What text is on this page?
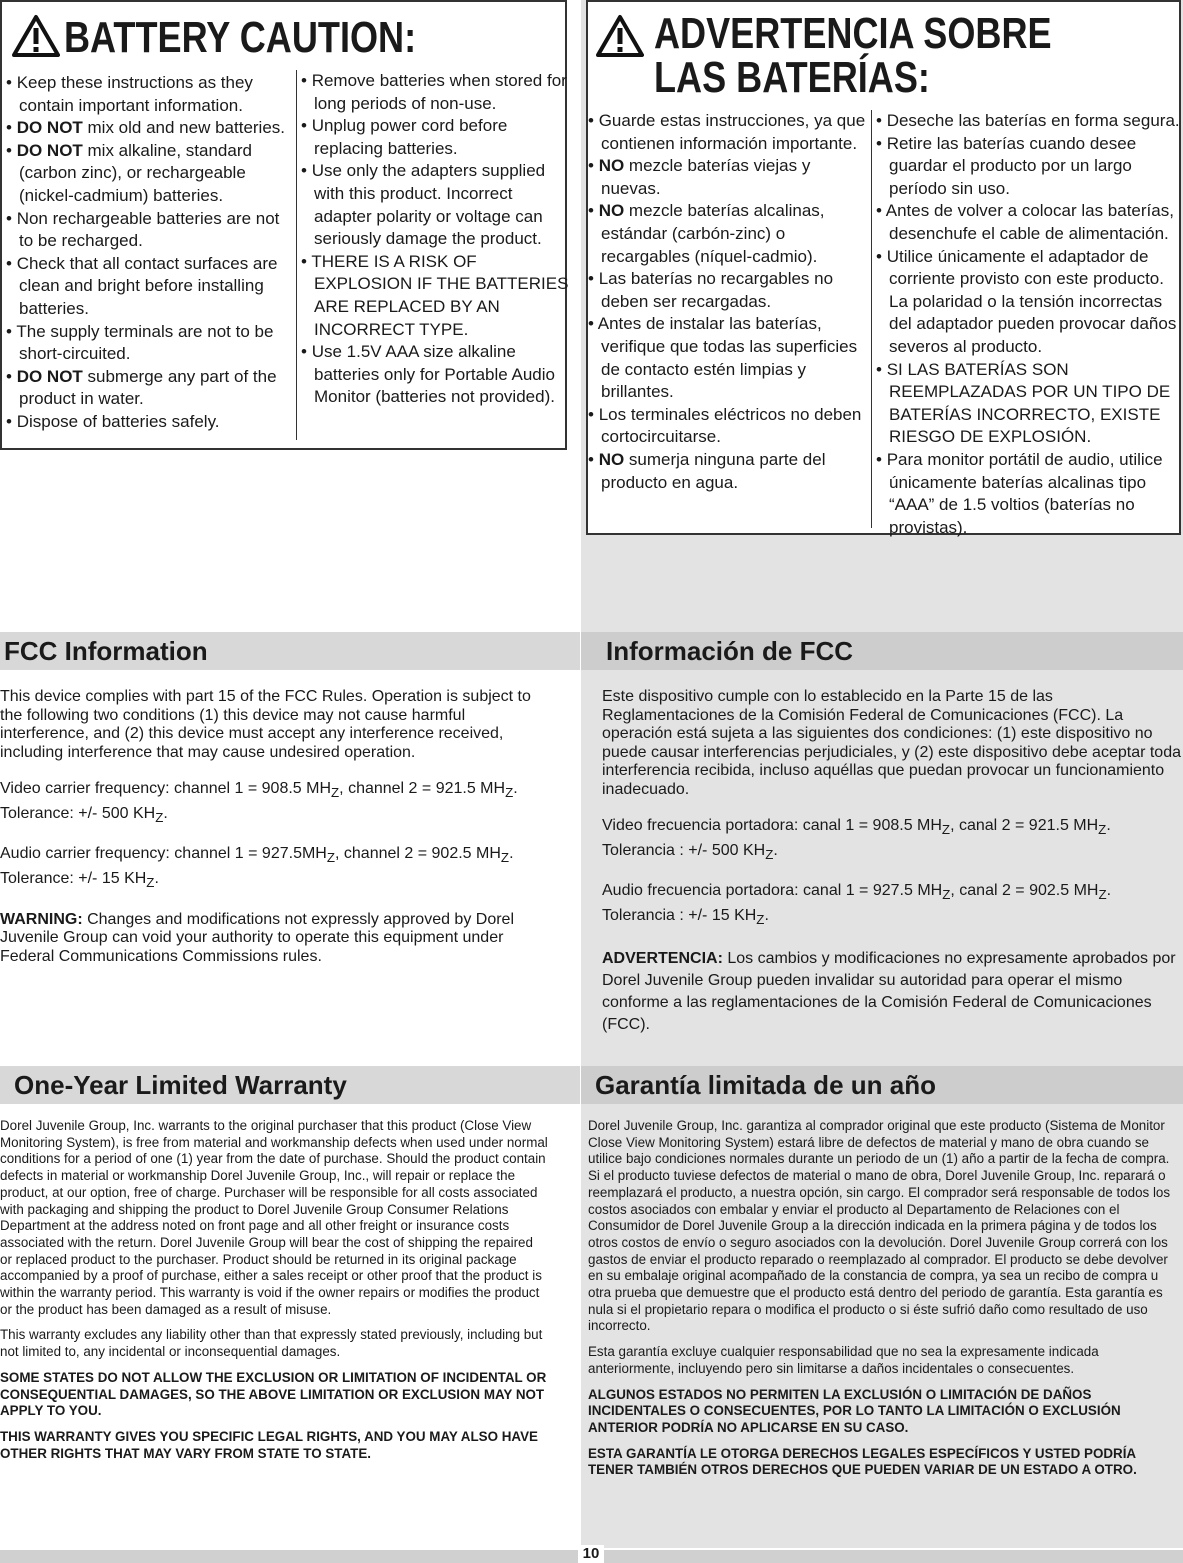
BATTERY CAUTION:
• Keep these instructions as they contain important information.
• DO NOT mix old and new batteries.
• DO NOT mix alkaline, standard (carbon zinc), or rechargeable (nickel-cadmium) batteries.
• Non rechargeable batteries are not to be recharged.
• Check that all contact surfaces are clean and bright before installing batteries.
• The supply terminals are not to be short-circuited.
• DO NOT submerge any part of the product in water.
• Dispose of batteries safely.
• Remove batteries when stored for long periods of non-use.
• Unplug power cord before replacing batteries.
• Use only the adapters supplied with this product. Incorrect adapter polarity or voltage can seriously damage the product.
• THERE IS A RISK OF EXPLOSION IF THE BATTERIES ARE REPLACED BY AN INCORRECT TYPE.
• Use 1.5V AAA size alkaline batteries only for Portable Audio Monitor (batteries not provided).
ADVERTENCIA SOBRE
LAS BATERÍAS:
• Guarde estas instrucciones, ya que contienen información importante.
• NO mezcle baterías viejas y nuevas.
• NO mezcle baterías alcalinas, estándar (carbón-zinc) o recargables (níquel-cadmio).
• Las baterías no recargables no deben ser recargadas.
• Antes de instalar las baterías, verifique que todas las superficies de contacto estén limpias y brillantes.
• Los terminales eléctricos no deben cortocircuitarse.
• NO sumerja ninguna parte del producto en agua.
• Deseche las baterías en forma segura.
• Retire las baterías cuando desee guardar el producto por un largo período sin uso.
• Antes de volver a colocar las baterías, desenchufe el cable de alimentación.
• Utilice únicamente el adaptador de corriente provisto con este producto. La polaridad o la tensión incorrectas del adaptador pueden provocar daños severos al producto.
• SI LAS BATERÍAS SON REEMPLAZADAS POR UN TIPO DE BATERÍAS INCORRECTO, EXISTE RIESGO DE EXPLOSIÓN.
• Para monitor portátil de audio, utilice únicamente baterías alcalinas tipo “AAA” de 1.5 voltios (baterías no provistas).
FCC Information	Información de FCC

This device complies with part 15 of the FCC Rules. Operation is subject to the following two conditions (1) this device may not cause harmful interference, and (2) this device must accept any interference received, including interference that may cause undesired operation.

Video carrier frequency: channel 1 = 908.5 $MH_Z$, channel 2 = 921.5 $MH_Z$.

Tolerance: +/- 500 $KH_Z$.

Audio carrier frequency: channel $1 = 927.5MH_Z$, channel 2 = 902.5 $MH_Z$.

Tolerance: +/- 15 $KH_Z$.

WARNING: Changes and modifications not expressly approved by Dorel Juvenile Group can void your authority to operate this equipment under Federal Communications Commissions rules.

Este dispositivo cumple con lo establecido en la Parte 15 de las Reglamentaciones de la Comisión Federal de Comunicaciones (FCC). La operación está sujeta a las siguientes dos condiciones: (1) este dispositivo no puede causar interferencias perjudiciales, y (2) este dispositivo debe aceptar toda interferencia recibida, incluso aquéllas que puedan provocar un funcionamiento inadecuado.

Video frecuencia portadora: canal 1 = 908.5 $MH_Z$, canal 2 = 921.5 $MH_Z$.

Tolerancia : +/- 500 $KH_Z$.

Audio frecuencia portadora: canal 1 = 927.5 $MH_Z$, canal 2 = 902.5 $MH_Z$.

Tolerancia : +/- 15 $KH_Z$.

ADVERTENCIA: Los cambios y modificaciones no expresamente aprobados por Dorel Juvenile Group pueden invalidar su autoridad para operar el mismo conforme a las reglamentaciones de la Comisión Federal de Comunicaciones (FCC).

One-Year Limited Warranty	Garantía limitada de un año

Dorel Juvenile Group, Inc. warrants to the original purchaser that this product (Close View Monitoring System), is free from material and workmanship defects when used under normal conditions for a period of one (1) year from the date of purchase. Should the product contain defects in material or workmanship Dorel Juvenile Group, Inc., will repair or replace the product, at our option, free of charge. Purchaser will be responsible for all costs associated with packaging and shipping the product to Dorel Juvenile Group Consumer Relations Department at the address noted on front page and all other freight or insurance costs associated with the return. Dorel Juvenile Group will bear the cost of shipping the repaired or replaced product to the purchaser. Product should be returned in its original package accompanied by a proof of purchase, either a sales receipt or other proof that the product is within the warranty period. This warranty is void if the owner repairs or modifies the product or the product has been damaged as a result of misuse.

This warranty excludes any liability other than that expressly stated previously, including but not limited to, any incidental or inconsequential damages.

SOME STATES DO NOT ALLOW THE EXCLUSION OR LIMITATION OF INCIDENTAL OR CONSEQUENTIAL DAMAGES, SO THE ABOVE LIMITATION OR EXCLUSION MAY NOT APPLY TO YOU.

THIS WARRANTY GIVES YOU SPECIFIC LEGAL RIGHTS, AND YOU MAY ALSO HAVE OTHER RIGHTS THAT MAY VARY FROM STATE TO STATE.

Dorel Juvenile Group, Inc. garantiza al comprador original que este producto (Sistema de Monitor Close View Monitoring System) estará libre de defectos de material y mano de obra cuando se utilice bajo condiciones normales durante un periodo de un (1) año a partir de la fecha de compra. Si el producto tuviese defectos de material o mano de obra, Dorel Juvenile Group, Inc. reparará o reemplazará el producto, a nuestra opción, sin cargo. El comprador será responsable de todos los costos asociados con embalar y enviar el producto al Departamento de Relaciones con el Consumidor de Dorel Juvenile Group a la dirección indicada en la primera página y de todos los otros costos de envío o seguro asociados con la devolución. Dorel Juvenile Group correrá con los gastos de enviar el producto reparado o reemplazado al comprador. El producto se debe devolver en su embalaje original acompañado de la constancia de compra, ya sea un recibo de compra u otra prueba que demuestre que el producto está dentro del periodo de garantía. Esta garantía es nula si el propietario repara o modifica el producto o si éste sufrió daño como resultado de uso incorrecto.

Esta garantía excluye cualquier responsabilidad que no sea la expresamente indicada anteriormente, incluyendo pero sin limitarse a daños incidentales o consecuentes.

ALGUNOS ESTADOS NO PERMITEN LA EXCLUSIÓN O LIMITACIÓN DE DAÑOS INCIDENTALES O CONSECUENTES, POR LO TANTO LA LIMITACIÓN O EXCLUSIÓN ANTERIOR PODRÍA NO APLICARSE EN SU CASO.

ESTA GARANTÍA LE OTORGA DERECHOS LEGALES ESPECÍFICOS Y USTED PODRÍA TENER TAMBIÉN OTROS DERECHOS QUE PUEDEN VARIAR DE UN ESTADO A OTRO.

10
